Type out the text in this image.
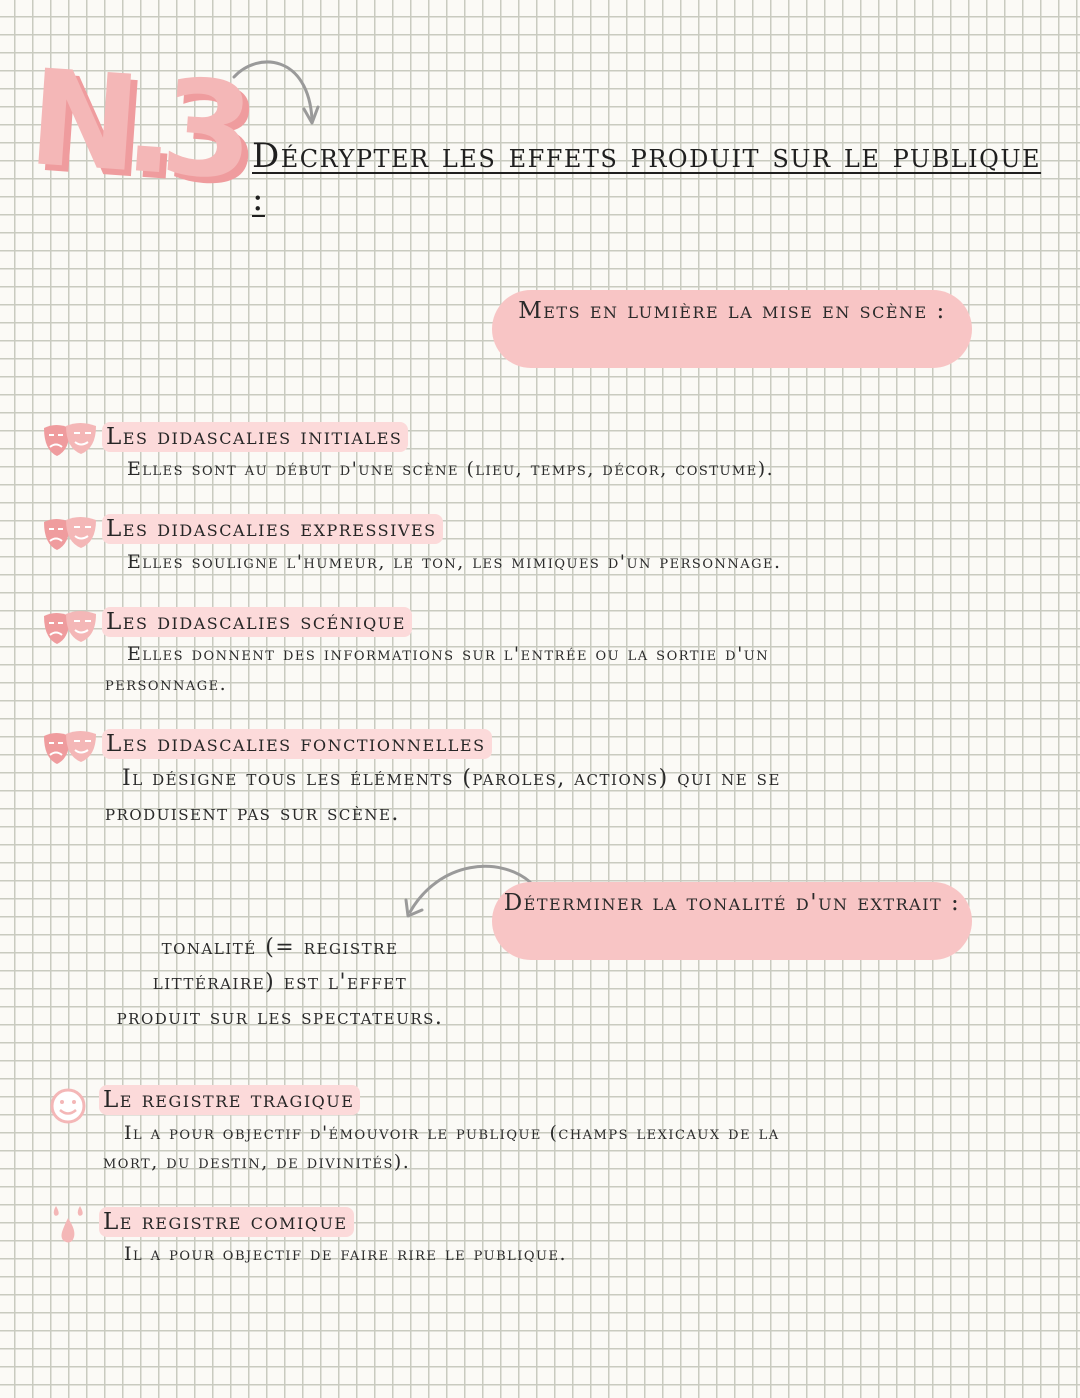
N.3 Décrypter les effets produit sur le publique :
Mets en lumière la mise en scène :
Les didascalies initiales
Elles sont au début d'une scène (lieu, temps, décor, costume).
Les didascalies expressives
Elles souligne l'humeur, le ton, les mimiques d'un personnage.
Les didascalies scénique
Elles donnent des informations sur l'entrée ou la sortie d'un
personnage.
Les didascalies fonctionnelles
Il désigne tous les éléments (paroles, actions) qui ne se
produisent pas sur scène.
Déterminer la tonalité d'un extrait :
tonalité (= registre
littéraire) est l'effet
produit sur les spectateurs.
Le registre tragique
Il a pour objectif d'émouvoir le publique (champs lexicaux de la
mort, du destin, de divinités).
Le registre comique
Il a pour objectif de faire rire le publique.
